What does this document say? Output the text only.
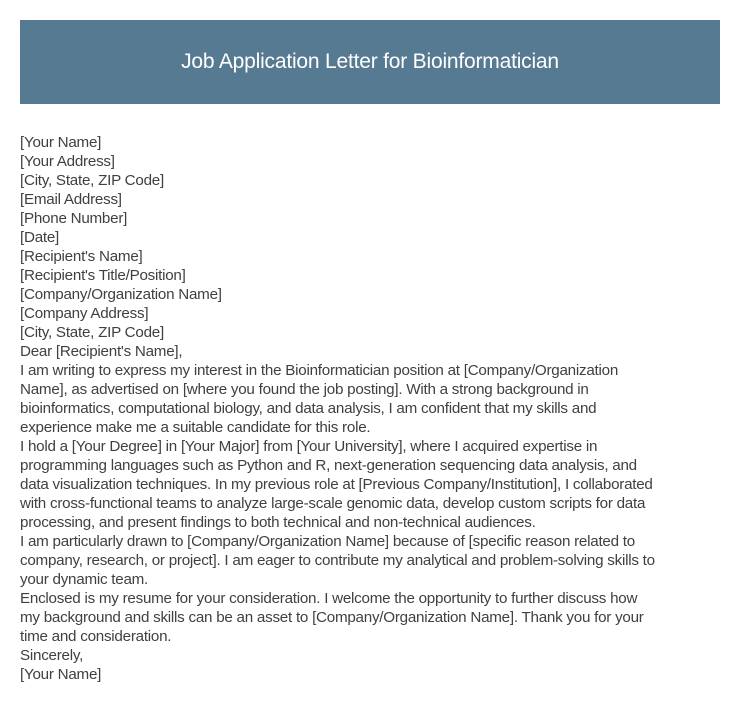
Job Application Letter for Bioinformatician
[Your Name]
[Your Address]
[City, State, ZIP Code]
[Email Address]
[Phone Number]
[Date]
[Recipient's Name]
[Recipient's Title/Position]
[Company/Organization Name]
[Company Address]
[City, State, ZIP Code]
Dear [Recipient's Name],
I am writing to express my interest in the Bioinformatician position at [Company/Organization
Name], as advertised on [where you found the job posting]. With a strong background in
bioinformatics, computational biology, and data analysis, I am confident that my skills and
experience make me a suitable candidate for this role.
I hold a [Your Degree] in [Your Major] from [Your University], where I acquired expertise in
programming languages such as Python and R, next-generation sequencing data analysis, and
data visualization techniques. In my previous role at [Previous Company/Institution], I collaborated
with cross-functional teams to analyze large-scale genomic data, develop custom scripts for data
processing, and present findings to both technical and non-technical audiences.
I am particularly drawn to [Company/Organization Name] because of [specific reason related to
company, research, or project]. I am eager to contribute my analytical and problem-solving skills to
your dynamic team.
Enclosed is my resume for your consideration. I welcome the opportunity to further discuss how
my background and skills can be an asset to [Company/Organization Name]. Thank you for your
time and consideration.
Sincerely,
[Your Name]
